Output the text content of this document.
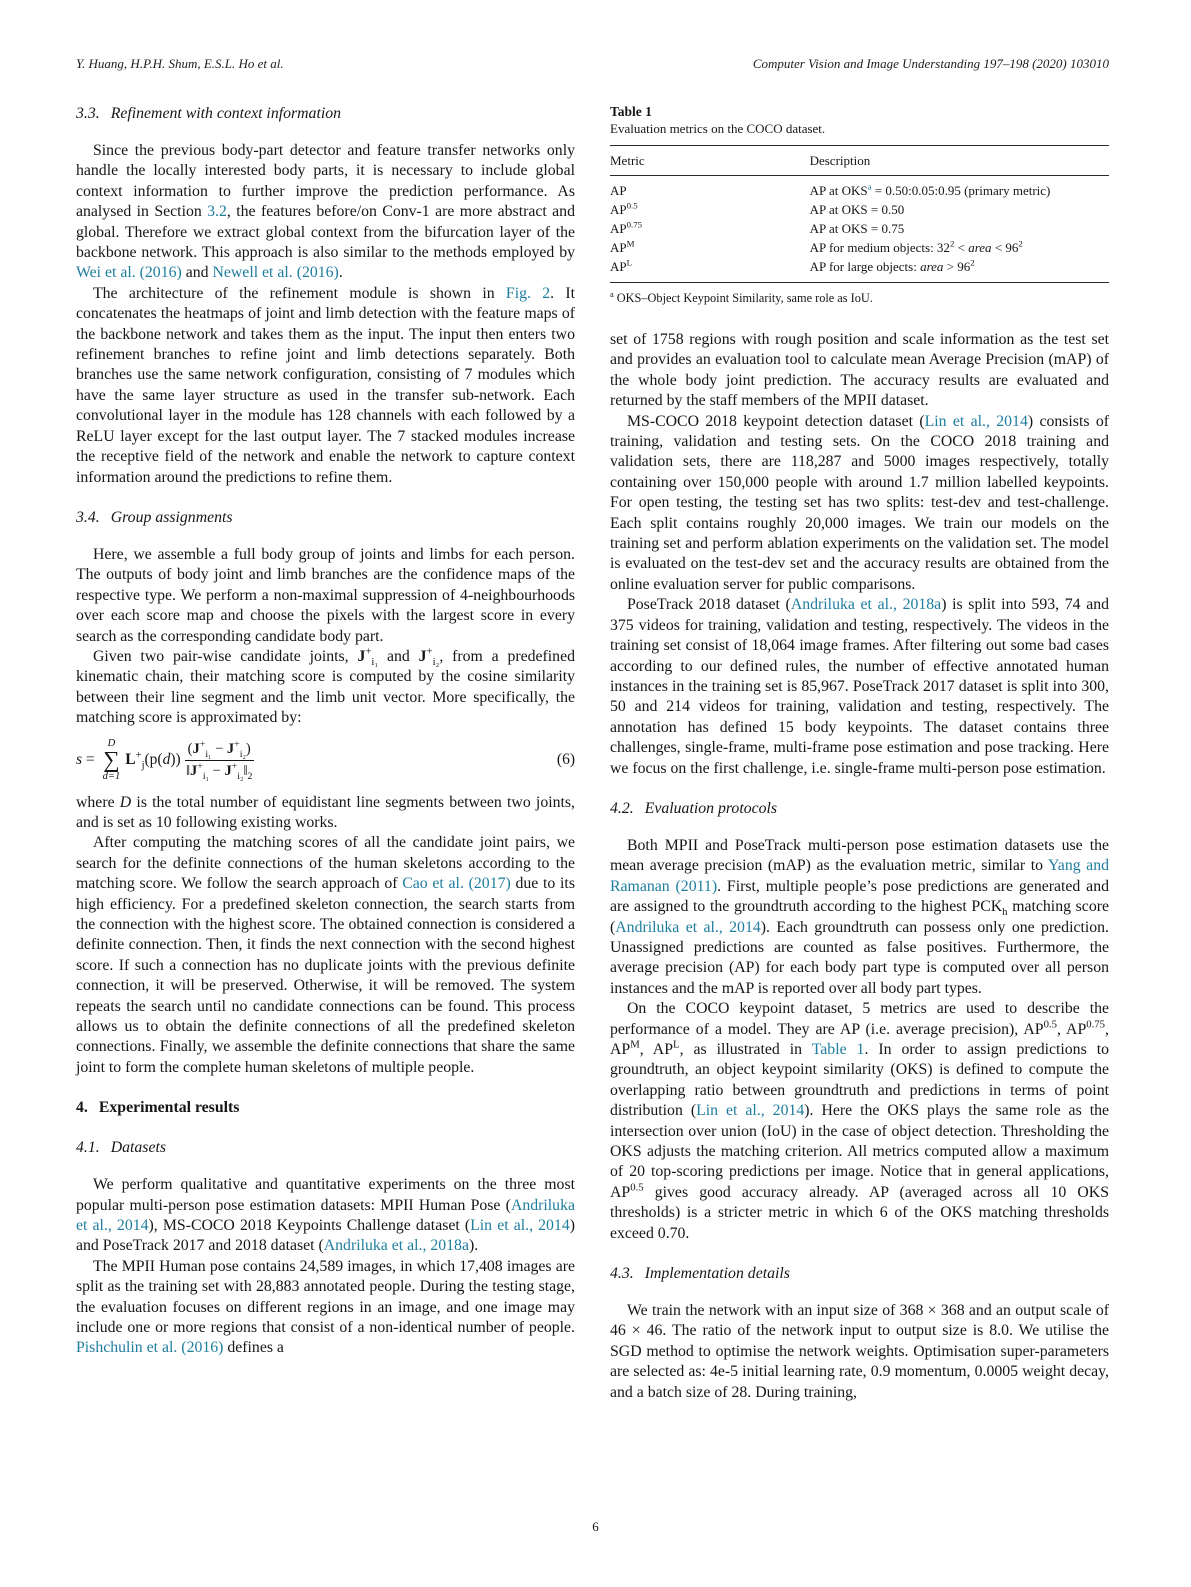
Y. Huang, H.P.H. Shum, E.S.L. Ho et al.	Computer Vision and Image Understanding 197–198 (2020) 103010
3.3. Refinement with context information

Since the previous body-part detector and feature transfer networks only handle the locally interested body parts, it is necessary to include global context information to further improve the prediction performance. As analysed in Section 3.2, the features before/on Conv-1 are more abstract and global. Therefore we extract global context from the bifurcation layer of the backbone network. This approach is also similar to the methods employed by Wei et al. (2016) and Newell et al. (2016).

The architecture of the refinement module is shown in Fig. 2. It concatenates the heatmaps of joint and limb detection with the feature maps of the backbone network and takes them as the input. The input then enters two refinement branches to refine joint and limb detections separately. Both branches use the same network configuration, consisting of 7 modules which have the same layer structure as used in the transfer sub-network. Each convolutional layer in the module has 128 channels with each followed by a ReLU layer except for the last output layer. The 7 stacked modules increase the receptive field of the network and enable the network to capture context information around the predictions to refine them.

3.4. Group assignments

Here, we assemble a full body group of joints and limbs for each person. The outputs of body joint and limb branches are the confidence maps of the respective type. We perform a non-maximal suppression of 4-neighbourhoods over each score map and choose the pixels with the largest score in every search as the corresponding candidate body part.

Given two pair-wise candidate joints, $J^+_{i_1}$ and $J^+_{i_2}$, from a predefined kinematic chain, their matching score is computed by the cosine similarity between their line segment and the limb unit vector. More specifically, the matching score is approximated by:

s =
D
∑
d=1
$L^+_j(p(d)) \frac{(J^+_{i_1} - J^+_{i_2})}{‖J^+_{i_1} - J^+_{i_2}‖_2}$	(6)

where D is the total number of equidistant line segments between two joints, and is set as 10 following existing works.

After computing the matching scores of all the candidate joint pairs, we search for the definite connections of the human skeletons according to the matching score. We follow the search approach of Cao et al. (2017) due to its high efficiency. For a predefined skeleton connection, the search starts from the connection with the highest score. The obtained connection is considered a definite connection. Then, it finds the next connection with the second highest score. If such a connection has no duplicate joints with the previous definite connection, it will be preserved. Otherwise, it will be removed. The system repeats the search until no candidate connections can be found. This process allows us to obtain the definite connections of all the predefined skeleton connections. Finally, we assemble the definite connections that share the same joint to form the complete human skeletons of multiple people.

4. Experimental results
4.1. Datasets

We perform qualitative and quantitative experiments on the three most popular multi-person pose estimation datasets: MPII Human Pose (Andriluka et al., 2014), MS-COCO 2018 Keypoints Challenge dataset (Lin et al., 2014) and PoseTrack 2017 and 2018 dataset (Andriluka et al., 2018a).

The MPII Human pose contains 24,589 images, in which 17,408 images are split as the training set with 28,883 annotated people. During the testing stage, the evaluation focuses on different regions in an image, and one image may include one or more regions that consist of a non-identical number of people. Pishchulin et al. (2016) defines a

Table 1
Evaluation metrics on the COCO dataset.
Metric	Description
AP	AP at $OKS^a$ = 0.50:0.05:0.95 (primary metric)
$AP^{0.5}$	AP at OKS = 0.50
$AP^{0.75}$	AP at OKS = 0.75
$AP^M$	AP for medium objects: $32^2$ < area < $96^2$
$AP^L$	AP for large objects: area > $96^2$
$^a$ OKS–Object Keypoint Similarity, same role as IoU.

set of 1758 regions with rough position and scale information as the test set and provides an evaluation tool to calculate mean Average Precision (mAP) of the whole body joint prediction. The accuracy results are evaluated and returned by the staff members of the MPII dataset.

MS-COCO 2018 keypoint detection dataset (Lin et al., 2014) consists of training, validation and testing sets. On the COCO 2018 training and validation sets, there are 118,287 and 5000 images respectively, totally containing over 150,000 people with around 1.7 million labelled keypoints. For open testing, the testing set has two splits: test-dev and test-challenge. Each split contains roughly 20,000 images. We train our models on the training set and perform ablation experiments on the validation set. The model is evaluated on the test-dev set and the accuracy results are obtained from the online evaluation server for public comparisons.

PoseTrack 2018 dataset (Andriluka et al., 2018a) is split into 593, 74 and 375 videos for training, validation and testing, respectively. The videos in the training set consist of 18,064 image frames. After filtering out some bad cases according to our defined rules, the number of effective annotated human instances in the training set is 85,967. PoseTrack 2017 dataset is split into 300, 50 and 214 videos for training, validation and testing, respectively. The annotation has defined 15 body keypoints. The dataset contains three challenges, single-frame, multi-frame pose estimation and pose tracking. Here we focus on the first challenge, i.e. single-frame multi-person pose estimation.

4.2. Evaluation protocols

Both MPII and PoseTrack multi-person pose estimation datasets use the mean average precision (mAP) as the evaluation metric, similar to Yang and Ramanan (2011). First, multiple people’s pose predictions are generated and are assigned to the groundtruth according to the highest $PCK_h$ matching score (Andriluka et al., 2014). Each groundtruth can possess only one prediction. Unassigned predictions are counted as false positives. Furthermore, the average precision (AP) for each body part type is computed over all person instances and the mAP is reported over all body part types.

On the COCO keypoint dataset, 5 metrics are used to describe the performance of a model. They are AP (i.e. average precision), $AP^{0.5}$, $AP^{0.75}$, $AP^M$, $AP^L$, as illustrated in Table 1. In order to assign predictions to groundtruth, an object keypoint similarity (OKS) is defined to compute the overlapping ratio between groundtruth and predictions in terms of point distribution (Lin et al., 2014). Here the OKS plays the same role as the intersection over union (IoU) in the case of object detection. Thresholding the OKS adjusts the matching criterion. All metrics computed allow a maximum of 20 top-scoring predictions per image. Notice that in general applications, $AP^{0.5}$ gives good accuracy already. AP (averaged across all 10 OKS thresholds) is a stricter metric in which 6 of the OKS matching thresholds exceed 0.70.

4.3. Implementation details

We train the network with an input size of 368 × 368 and an output scale of 46 × 46. The ratio of the network input to output size is 8.0. We utilise the SGD method to optimise the network weights. Optimisation super-parameters are selected as: 4e-5 initial learning rate, 0.9 momentum, 0.0005 weight decay, and a batch size of 28. During training,

6
